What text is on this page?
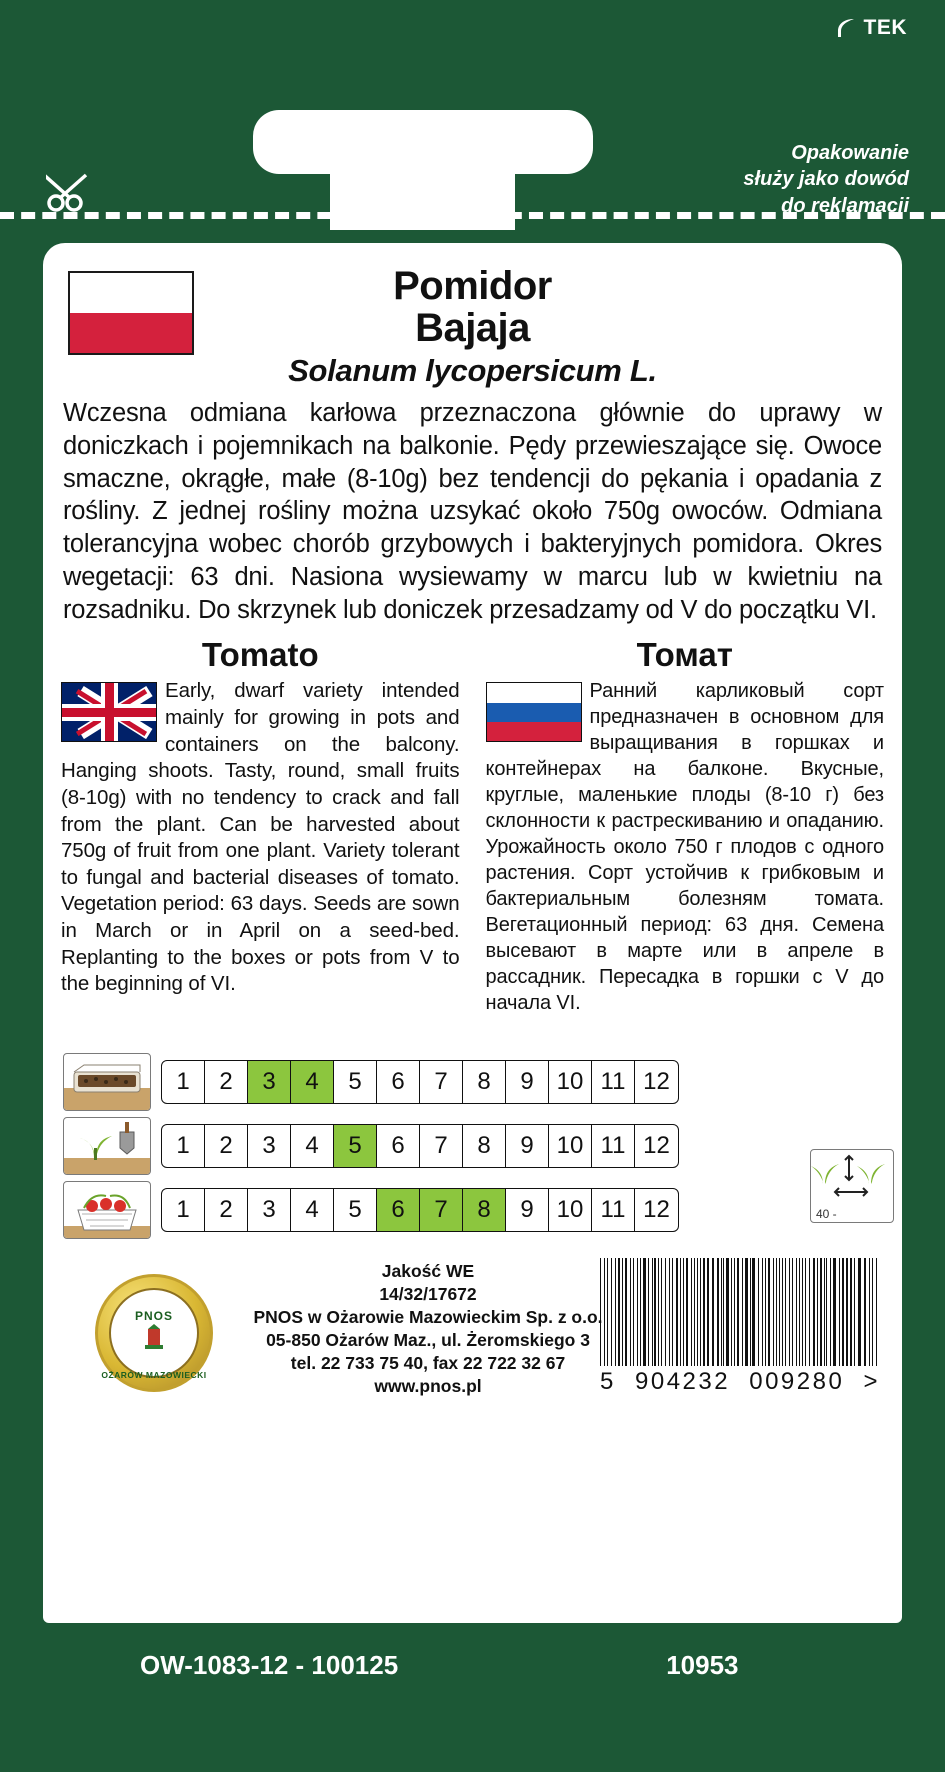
TEK
Opakowanie
służy jako dowód
do reklamacji
Pomidor
Bajaja
Solanum lycopersicum L.
Wczesna odmiana karłowa przeznaczona głównie do uprawy w doniczkach i pojemnikach na balkonie. Pędy przewieszające się. Owoce smaczne, okrągłe, małe (8-10g) bez tendencji do pękania i opadania z rośliny. Z jednej rośliny można uzsykać około 750g owoców. Odmiana tolerancyjna wobec chorób grzybowych i bakteryjnych pomidora. Okres wegetacji: 63 dni. Nasiona wysiewamy w marcu lub w kwietniu na rozsadniku. Do skrzynek lub doniczek przesadzamy od V do początku VI.
Tomato
Early, dwarf variety intended mainly for growing in pots and containers on the balcony. Hanging shoots. Tasty, round, small fruits (8-10g) with no tendency to crack and fall from the plant. Can be harvested about 750g of fruit from one plant. Variety tolerant to fungal and bacterial diseases of tomato. Vegetation period: 63 days. Seeds are sown in March or in April on a seed-bed. Replanting to the boxes or pots from V to the beginning of VI.
Томат
Ранний карликовый сорт предназначен в основном для выращивания в горшках и контейнерах на балконе. Вкусные, круглые, маленькие плоды (8-10 г) без склонности к растрескиванию и опаданию. Урожайность около 750 г плодов с одного растения. Сорт устойчив к грибковым и бактериальным болезням томата. Вегетационный период: 63 дня. Семена высевают в марте или в апреле в рассадник. Пересадка в горшки с V до начала VI.
1	2	3	4	5	6	7	8	9 10 11 12
1	2	3	4	5	6	7	8	9 10 11 12
1	2	3	4	5	6	7	8	9 10 11 12	40 -
PNOS
OŻARÓW MAZOWIECKI
Jakość WE
14/32/17672
PNOS w Ożarowie Mazowieckim Sp. z o.o.
05-850 Ożarów Maz., ul. Żeromskiego 3
tel. 22 733 75 40, fax 22 722 32 67
www.pnos.pl	5 904232 009280 >
OW-1083-12 - 100125	10953
